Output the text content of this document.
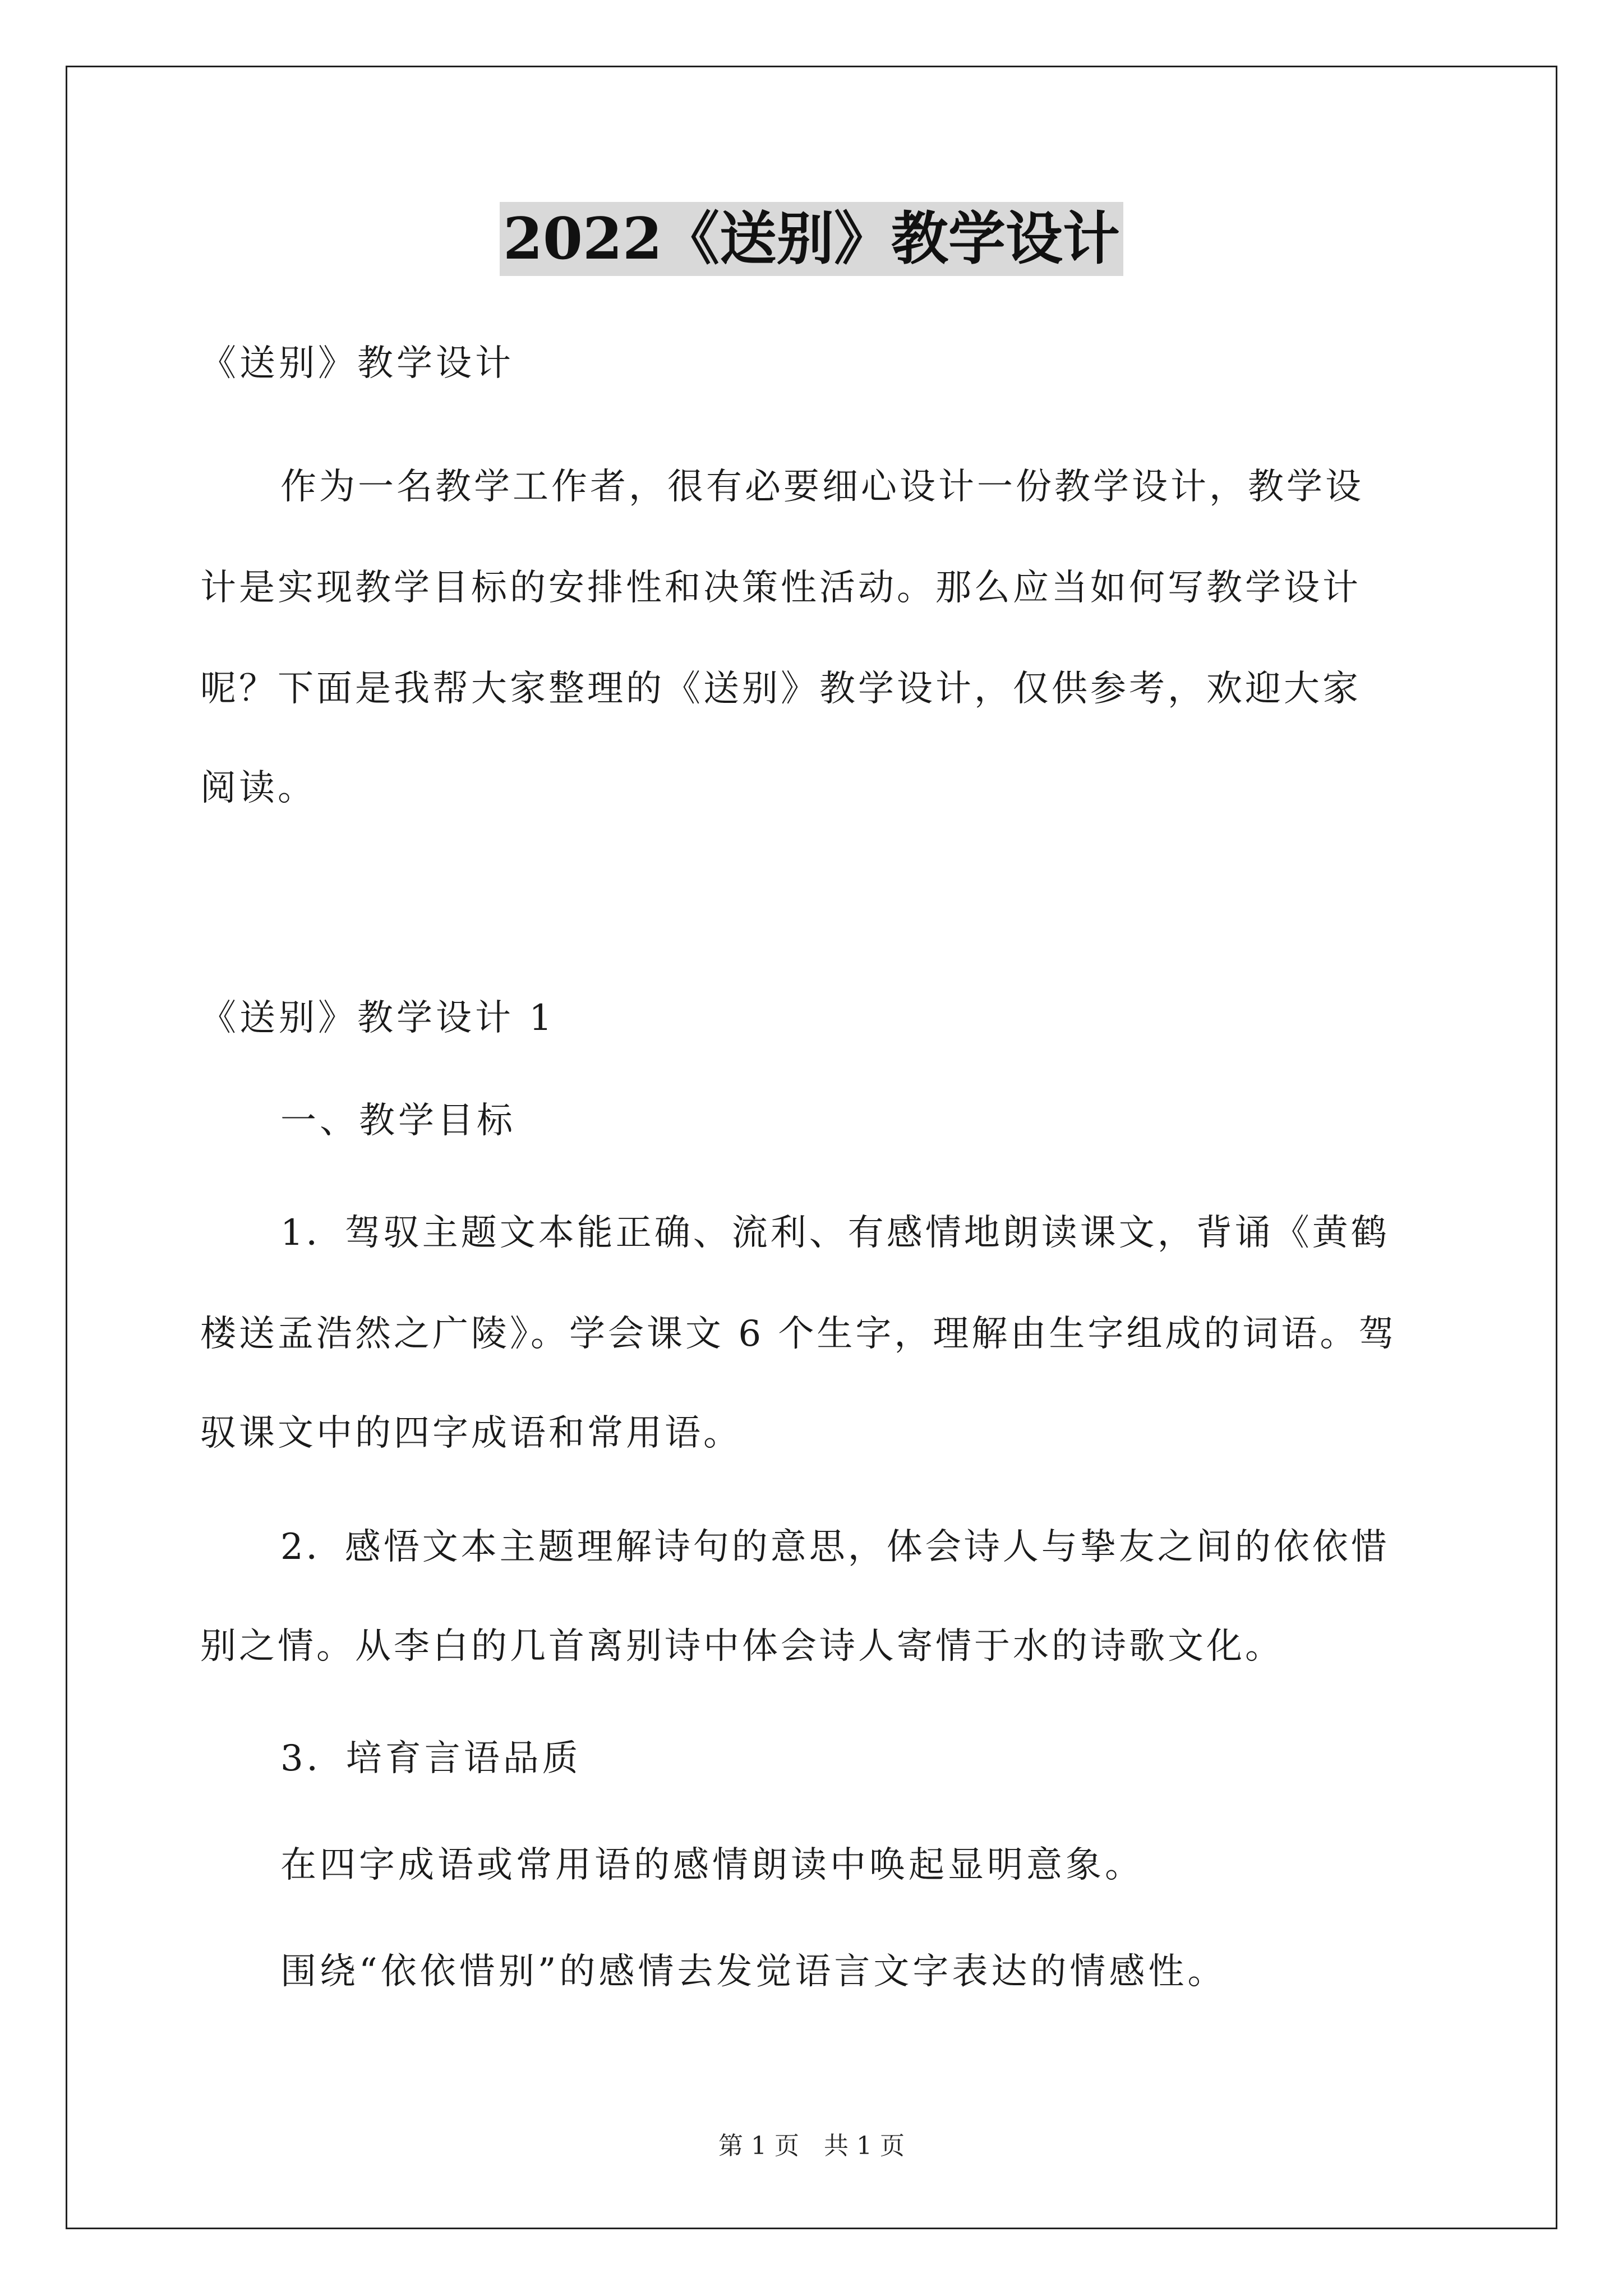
2022《送别》教学设计
《送别》教学设计
作为一名教学工作者，很有必要细心设计一份教学设计，教学设
计是实现教学目标的安排性和决策性活动。那么应当如何写教学设计
呢？下面是我帮大家整理的《送别》教学设计，仅供参考，欢迎大家
阅读。
《送别》教学设计 1
一、教学目标
1．驾驭主题文本能正确、流利、有感情地朗读课文，背诵《黄鹤
楼送孟浩然之广陵》。学会课文 6 个生字，理解由生字组成的词语。驾
驭课文中的四字成语和常用语。
2．感悟文本主题理解诗句的意思，体会诗人与挚友之间的依依惜
别之情。从李白的几首离别诗中体会诗人寄情于水的诗歌文化。
3．培育言语品质
在四字成语或常用语的感情朗读中唤起显明意象。
围绕“依依惜别”的感情去发觉语言文字表达的情感性。
第 1 页　共 1 页
